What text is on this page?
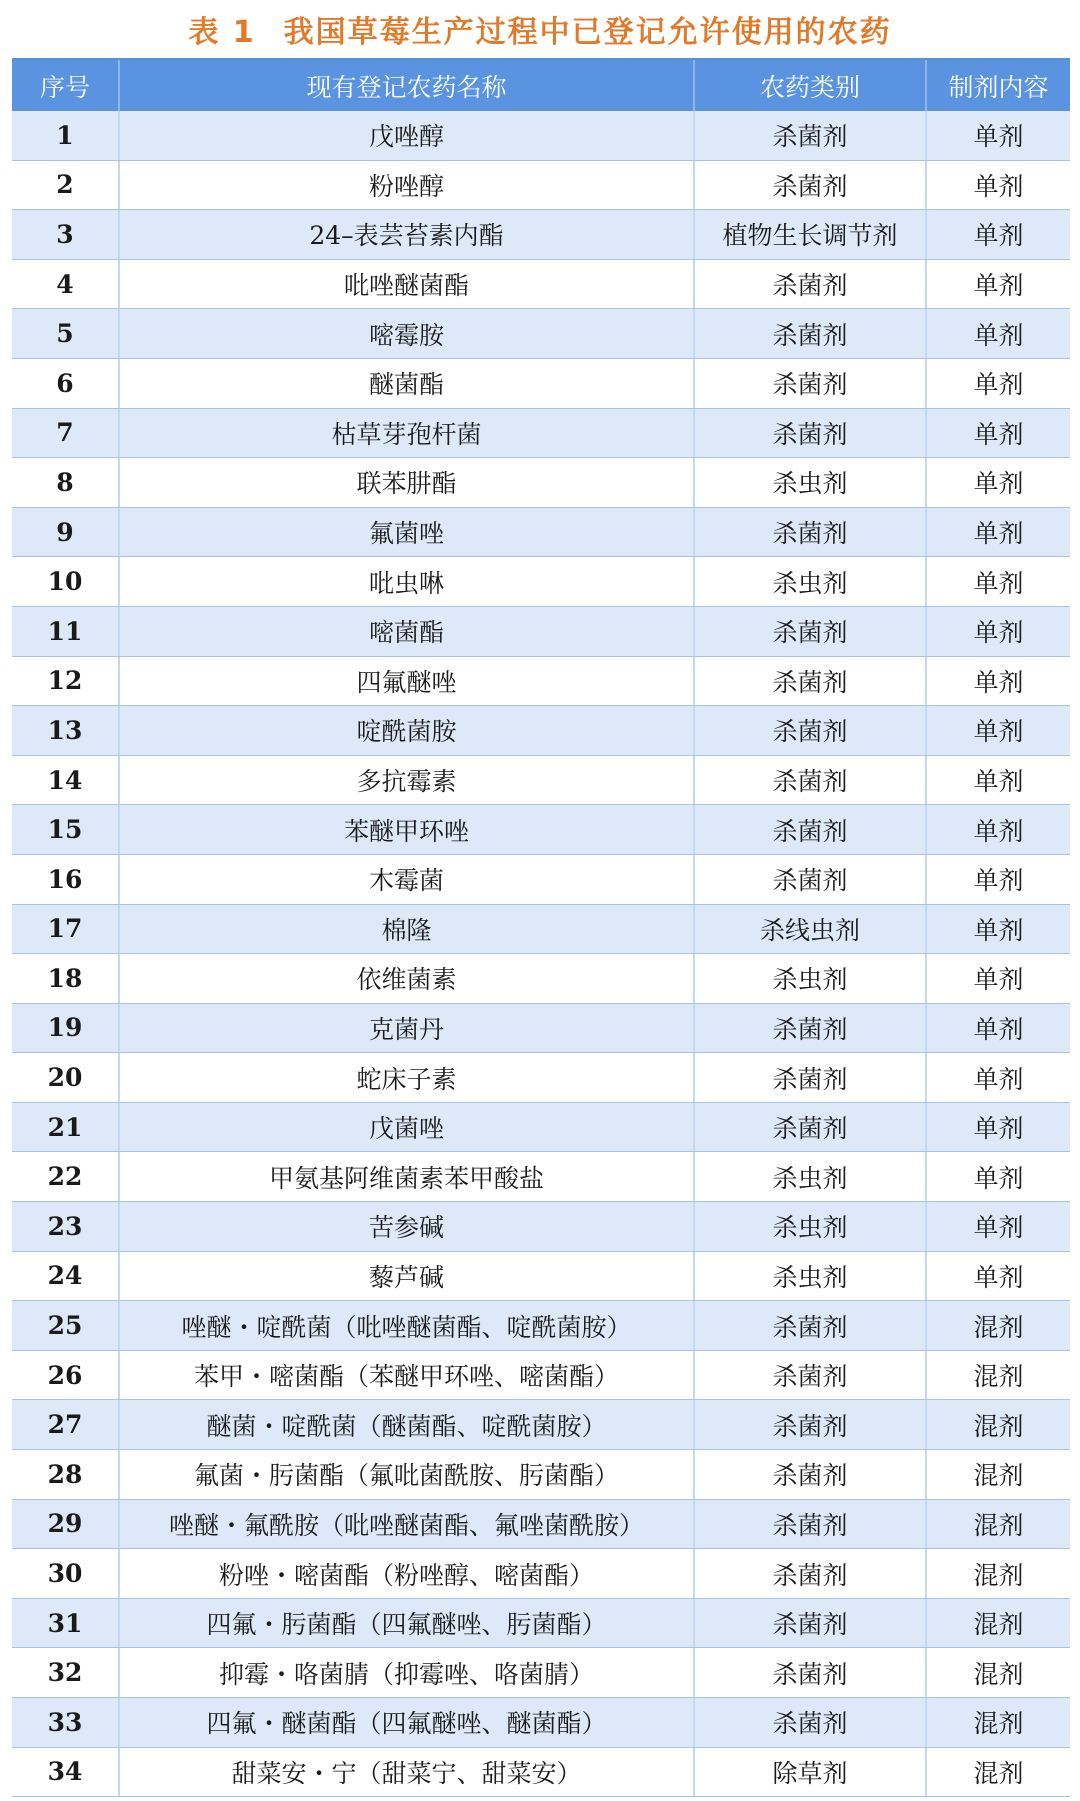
表 1 我国草莓生产过程中已登记允许使用的农药
序号	现有登记农药名称	农药类别	制剂内容
1	戊唑醇	杀菌剂	单剂
2	粉唑醇	杀菌剂	单剂
3	24–表芸苔素内酯	植物生长调节剂	单剂
4	吡唑醚菌酯	杀菌剂	单剂
5	嘧霉胺	杀菌剂	单剂
6	醚菌酯	杀菌剂	单剂
7	枯草芽孢杆菌	杀菌剂	单剂
8	联苯肼酯	杀虫剂	单剂
9	氟菌唑	杀菌剂	单剂
10	吡虫啉	杀虫剂	单剂
11	嘧菌酯	杀菌剂	单剂
12	四氟醚唑	杀菌剂	单剂
13	啶酰菌胺	杀菌剂	单剂
14	多抗霉素	杀菌剂	单剂
15	苯醚甲环唑	杀菌剂	单剂
16	木霉菌	杀菌剂	单剂
17	棉隆	杀线虫剂	单剂
18	依维菌素	杀虫剂	单剂
19	克菌丹	杀菌剂	单剂
20	蛇床子素	杀菌剂	单剂
21	戊菌唑	杀菌剂	单剂
22	甲氨基阿维菌素苯甲酸盐	杀虫剂	单剂
23	苦参碱	杀虫剂	单剂
24	藜芦碱	杀虫剂	单剂
25	唑醚・啶酰菌（吡唑醚菌酯、啶酰菌胺）	杀菌剂	混剂
26	苯甲・嘧菌酯（苯醚甲环唑、嘧菌酯）	杀菌剂	混剂
27	醚菌・啶酰菌（醚菌酯、啶酰菌胺）	杀菌剂	混剂
28	氟菌・肟菌酯（氟吡菌酰胺、肟菌酯）	杀菌剂	混剂
29	唑醚・氟酰胺（吡唑醚菌酯、氟唑菌酰胺）	杀菌剂	混剂
30	粉唑・嘧菌酯（粉唑醇、嘧菌酯）	杀菌剂	混剂
31	四氟・肟菌酯（四氟醚唑、肟菌酯）	杀菌剂	混剂
32	抑霉・咯菌腈（抑霉唑、咯菌腈）	杀菌剂	混剂
33	四氟・醚菌酯（四氟醚唑、醚菌酯）	杀菌剂	混剂
34	甜菜安・宁（甜菜宁、甜菜安）	除草剂	混剂
